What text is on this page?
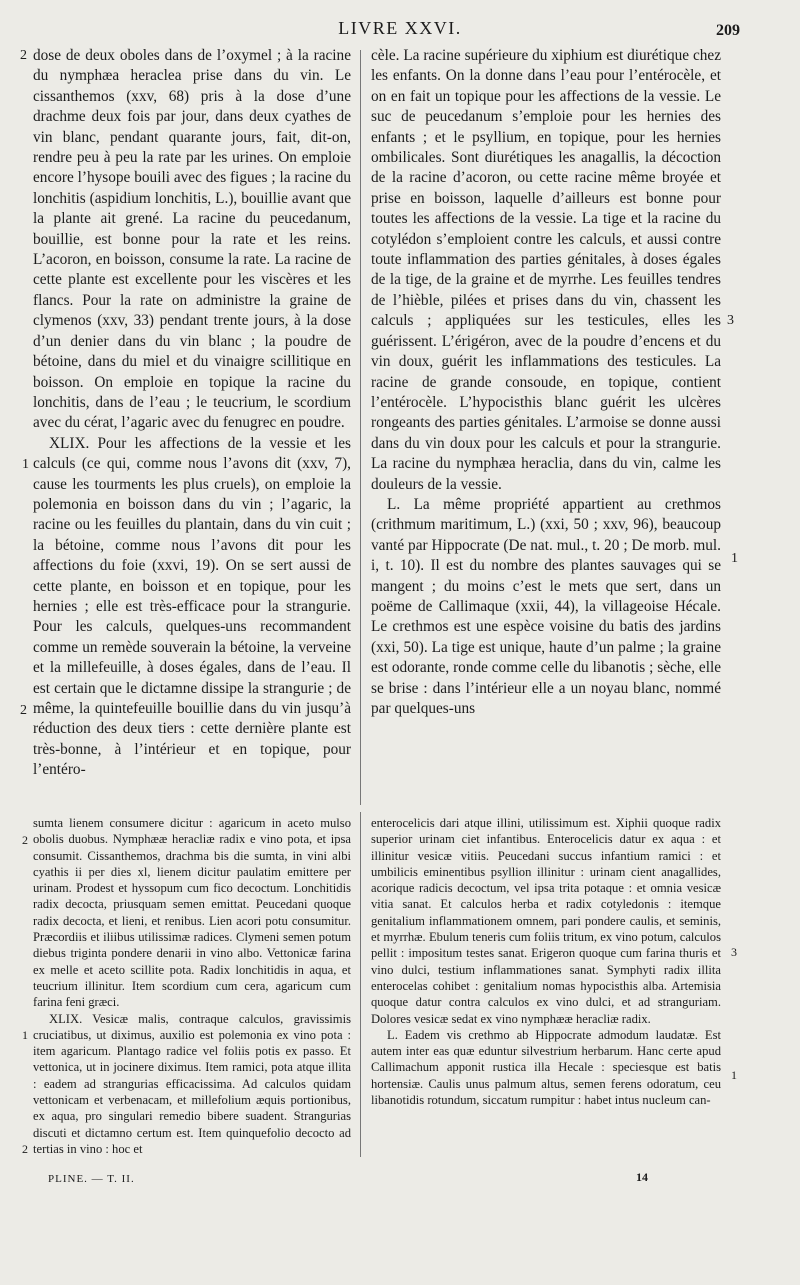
LIVRE XXVI.	209

dose de deux oboles dans de l’oxymel ; à la racine du nymphæa heraclea prise dans du vin. Le cissanthemos (xxv, 68) pris à la dose d’une drachme deux fois par jour, dans deux cyathes de vin blanc, pendant quarante jours, fait, dit-on, rendre peu à peu la rate par les urines. On emploie encore l’hysope bouili avec des figues ; la racine du lonchitis (aspidium lonchitis, L.), bouillie avant que la plante ait grené. La racine du peucedanum, bouillie, est bonne pour la rate et les reins. L’acoron, en boisson, consume la rate. La racine de cette plante est excellente pour les viscères et les flancs. Pour la rate on administre la graine de clymenos (xxv, 33) pendant trente jours, à la dose d’un denier dans du vin blanc ; la poudre de bétoine, dans du miel et du vinaigre scillitique en boisson. On emploie en topique la racine du lonchitis, dans de l’eau ; le teucrium, le scordium avec du cérat, l’agaric avec du fenugrec en poudre.

XLIX. Pour les affections de la vessie et les calculs (ce qui, comme nous l’avons dit (xxv, 7), cause les tourments les plus cruels), on emploie la polemonia en boisson dans du vin ; l’agaric, la racine ou les feuilles du plantain, dans du vin cuit ; la bétoine, comme nous l’avons dit pour les affections du foie (xxvi, 19). On se sert aussi de cette plante, en boisson et en topique, pour les hernies ; elle est très-efficace pour la strangurie. Pour les calculs, quelques-uns recommandent comme un remède souverain la bétoine, la verveine et la millefeuille, à doses égales, dans de l’eau. Il est certain que le dictamne dissipe la strangurie ; de même, la quintefeuille bouillie dans du vin jusqu’à réduction des deux tiers : cette dernière plante est très-bonne, à l’intérieur et en topique, pour l’entéro-

cèle. La racine supérieure du xiphium est diurétique chez les enfants. On la donne dans l’eau pour l’entérocèle, et on en fait un topique pour les affections de la vessie. Le suc de peucedanum s’emploie pour les hernies des enfants ; et le psyllium, en topique, pour les hernies ombilicales. Sont diurétiques les anagallis, la décoction de la racine d’acoron, ou cette racine même broyée et prise en boisson, laquelle d’ailleurs est bonne pour toutes les affections de la vessie. La tige et la racine du cotylédon s’emploient contre les calculs, et aussi contre toute inflammation des parties génitales, à doses égales de la tige, de la graine et de myrrhe. Les feuilles tendres de l’hièble, pilées et prises dans du vin, chassent les calculs ; appliquées sur les testicules, elles les guérissent. L’érigéron, avec de la poudre d’encens et du vin doux, guérit les inflammations des testicules. La racine de grande consoude, en topique, contient l’entérocèle. L’hypocisthis blanc guérit les ulcères rongeants des parties génitales. L’armoise se donne aussi dans du vin doux pour les calculs et pour la strangurie. La racine du nymphæa heraclia, dans du vin, calme les douleurs de la vessie.

L. La même propriété appartient au crethmos (crithmum maritimum, L.) (xxi, 50 ; xxv, 96), beaucoup vanté par Hippocrate (De nat. mul., t. 20 ; De morb. mul. i, t. 10). Il est du nombre des plantes sauvages qui se mangent ; du moins c’est le mets que sert, dans un poëme de Callimaque (xxii, 44), la villageoise Hécale. Le crethmos est une espèce voisine du batis des jardins (xxi, 50). La tige est unique, haute d’un palme ; la graine est odorante, ronde comme celle du libanotis ; sèche, elle se brise : dans l’intérieur elle a un noyau blanc, nommé par quelques-uns

sumta lienem consumere dicitur : agaricum in aceto mulso obolis duobus. Nymphææ heracliæ radix e vino pota, et ipsa consumit. Cissanthemos, drachma bis die sumta, in vini albi cyathis ii per dies xl, lienem dicitur paulatim emittere per urinam. Prodest et hyssopum cum fico decoctum. Lonchitidis radix decocta, priusquam semen emittat. Peucedani quoque radix decocta, et lieni, et renibus. Lien acori potu consumitur. Præcordiis et iliibus utilissimæ radices. Clymeni semen potum diebus triginta pondere denarii in vino albo. Vettonicæ farina ex melle et aceto scillite pota. Radix lonchitidis in aqua, et teucrium illinitur. Item scordium cum cera, agaricum cum farina feni græci.

XLIX. Vesicæ malis, contraque calculos, gravissimis cruciatibus, ut diximus, auxilio est polemonia ex vino pota : item agaricum. Plantago radice vel foliis potis ex passo. Et vettonica, ut in jocinere diximus. Item ramici, pota atque illita : eadem ad strangurias efficacissima. Ad calculos quidam vettonicam et verbenacam, et millefolium æquis portionibus, ex aqua, pro singulari remedio bibere suadent. Strangurias discuti et dictamno certum est. Item quinquefolio decocto ad tertias in vino : hoc et

enterocelicis dari atque illini, utilissimum est. Xiphii quoque radix superior urinam ciet infantibus. Enterocelicis datur ex aqua : et illinitur vesicæ vitiis. Peucedani succus infantium ramici : et umbilicis eminentibus psyllion illinitur : urinam cient anagallides, acorique radicis decoctum, vel ipsa trita potaque : et omnia vesicæ vitia sanat. Et calculos herba et radix cotyledonis : itemque genitalium inflammationem omnem, pari pondere caulis, et seminis, et myrrhæ. Ebulum teneris cum foliis tritum, ex vino potum, calculos pellit : impositum testes sanat. Erigeron quoque cum farina thuris et vino dulci, testium inflammationes sanat. Symphyti radix illita enterocelas cohibet : genitalium nomas hypocisthis alba. Artemisia quoque datur contra calculos ex vino dulci, et ad stranguriam. Dolores vesicæ sedat ex vino nymphææ heracliæ radix.

L. Eadem vis crethmo ab Hippocrate admodum laudatæ. Est autem inter eas quæ eduntur silvestrium herbarum. Hanc certe apud Callimachum apponit rustica illa Hecale : speciesque est batis hortensiæ. Caulis unus palmum altus, semen ferens odoratum, ceu libanotidis rotundum, siccatum rumpitur : habet intus nucleum can-

2
1
2
3
1
2
1
2
3
1
PLINE. — T. II.	14
